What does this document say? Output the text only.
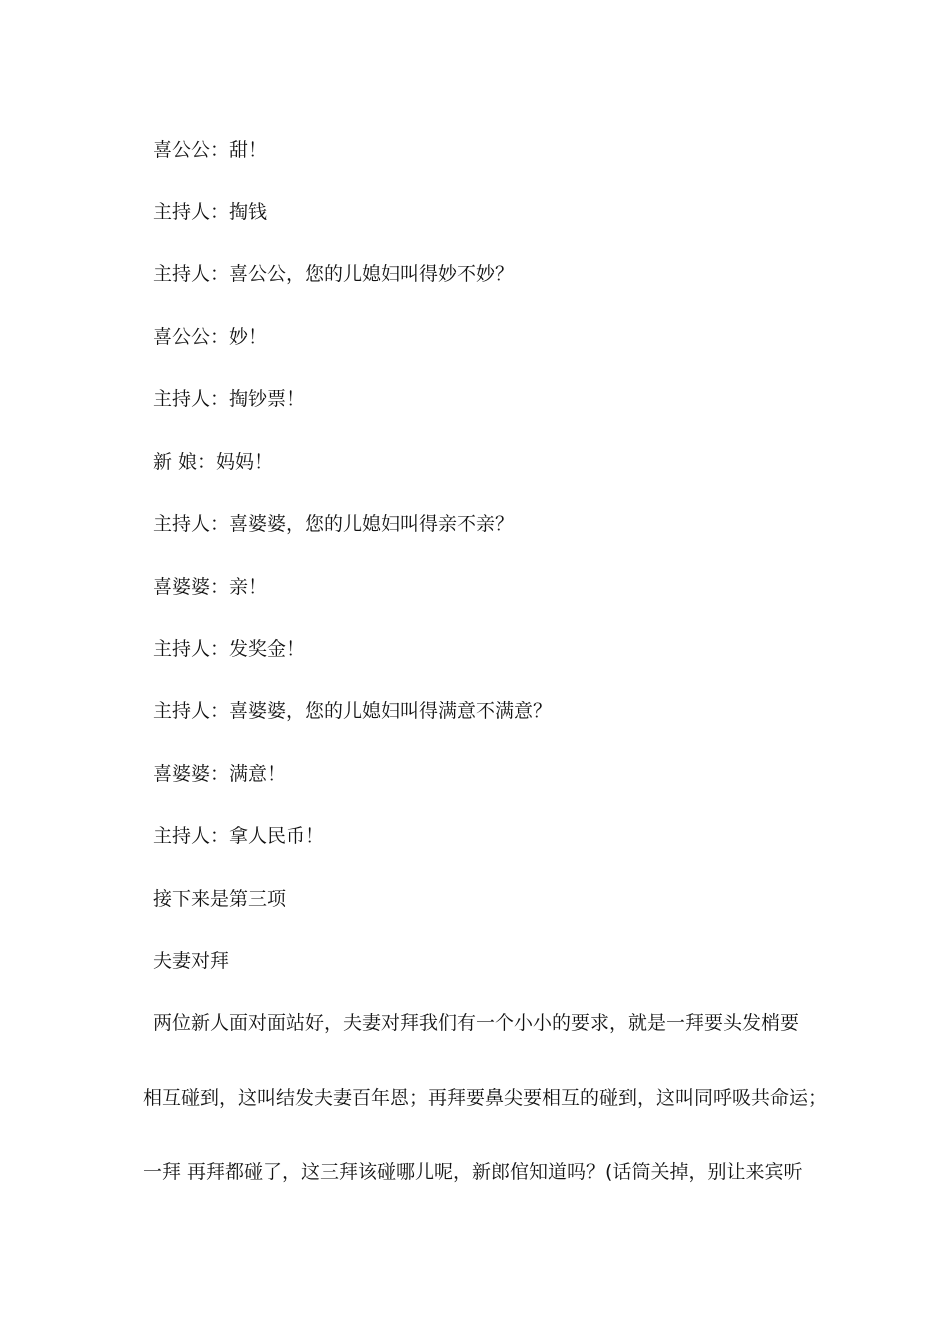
喜公公：甜！
主持人：掏钱
主持人：喜公公，您的儿媳妇叫得妙不妙？
喜公公：妙！
主持人：掏钞票！
新 娘：妈妈！
主持人：喜婆婆，您的儿媳妇叫得亲不亲？
喜婆婆：亲！
主持人：发奖金！
主持人：喜婆婆，您的儿媳妇叫得满意不满意？
喜婆婆：满意！
主持人：拿人民币！
接下来是第三项
夫妻对拜
两位新人面对面站好，夫妻对拜我们有一个小小的要求，就是一拜要头发梢要
相互碰到，这叫结发夫妻百年恩；再拜要鼻尖要相互的碰到，这叫同呼吸共命运；
一拜 再拜都碰了，这三拜该碰哪儿呢，新郎倌知道吗？(话筒关掉，别让来宾听
